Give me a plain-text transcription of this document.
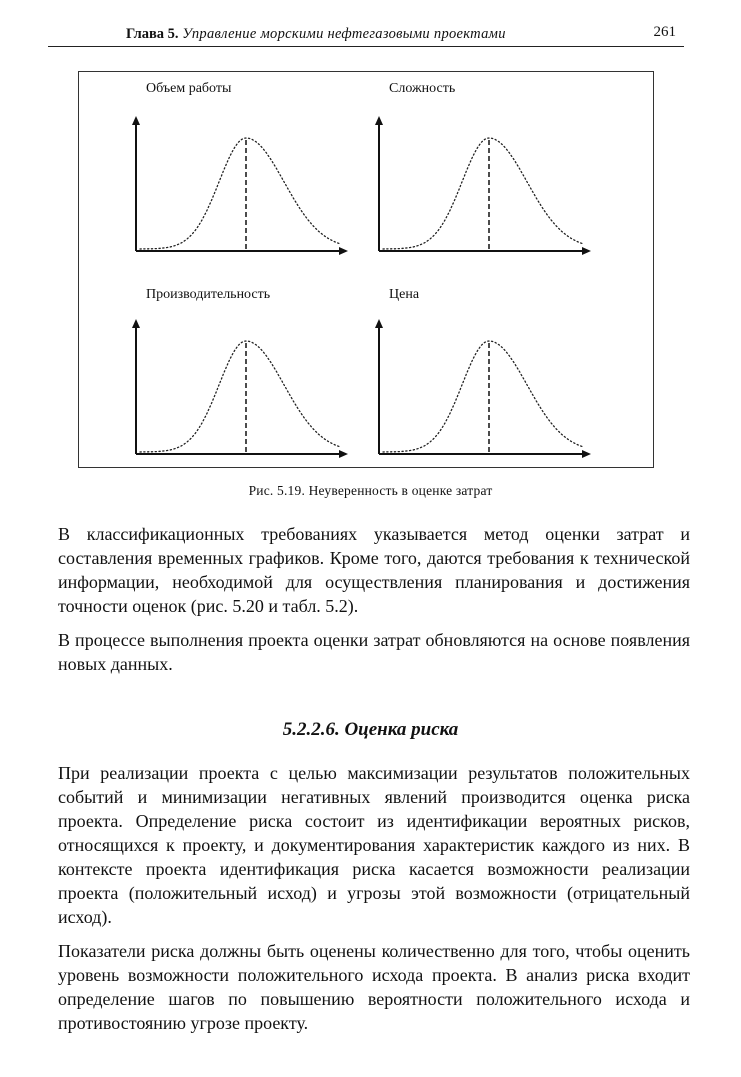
Глава 5. Управление морскими нефтегазовыми проектами	261
Объем работы	Сложность
Производительность	Цена
Рис. 5.19. Неуверенность в оценке затрат

В классификационных требованиях указывается метод оценки затрат и составления временных графиков. Кроме того, даются требования к технической информации, необходимой для осуществления планирования и достижения точности оценок (рис. 5.20 и табл. 5.2).

В процессе выполнения проекта оценки затрат обновляются на основе появления новых данных.

5.2.2.6. Оценка риска

При реализации проекта с целью максимизации результатов положительных событий и минимизации негативных явлений производится оценка риска проекта. Определение риска состоит из идентификации вероятных рисков, относящихся к проекту, и документирования характеристик каждого из них. В контексте проекта идентификация риска касается возможности реализации проекта (положительный исход) и угрозы этой возможности (отрицательный исход).

Показатели риска должны быть оценены количественно для того, чтобы оценить уровень возможности положительного исхода проекта. В анализ риска входит определение шагов по повышению вероятности положительного исхода и противостоянию угрозе проекту.
